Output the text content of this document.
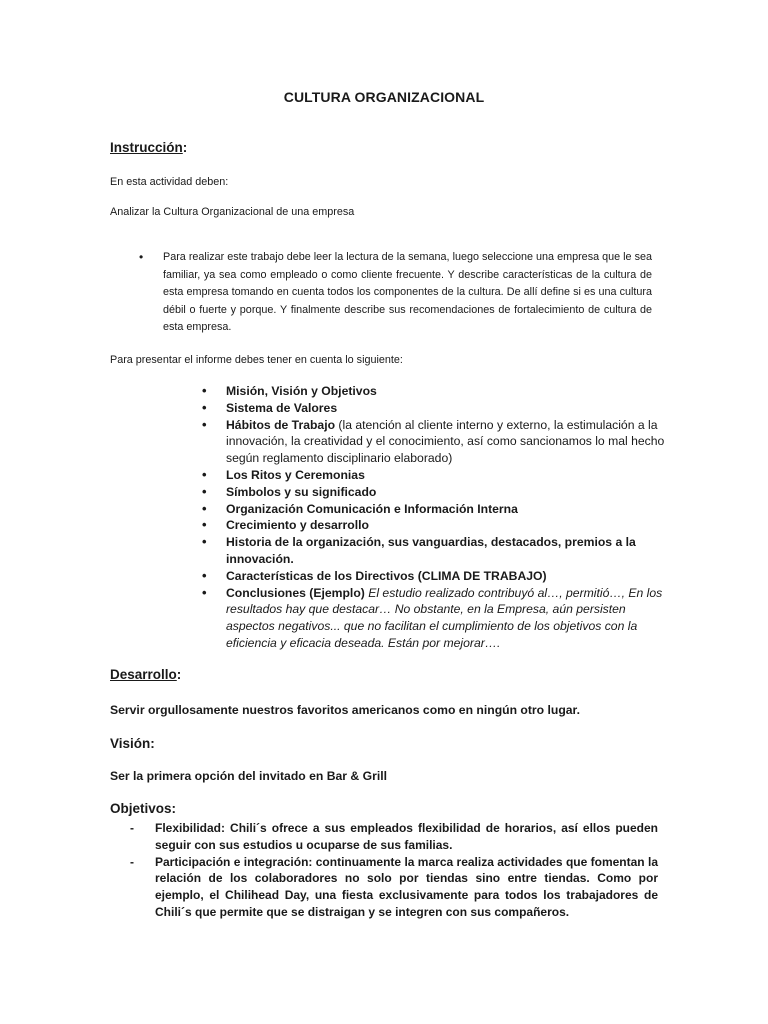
CULTURA ORGANIZACIONAL
Instrucción:
En esta actividad deben:
Analizar la Cultura Organizacional de una empresa
• Para realizar este trabajo debe leer la lectura de la semana, luego seleccione una empresa que le sea familiar, ya sea como empleado o como cliente frecuente. Y describe características de la cultura de esta empresa tomando en cuenta todos los componentes de la cultura. De allí define si es una cultura débil o fuerte y porque. Y finalmente describe sus recomendaciones de fortalecimiento de cultura de esta empresa.

Para presentar el informe debes tener en cuenta lo siguiente:
• Misión, Visión y Objetivos
• Sistema de Valores
• Hábitos de Trabajo (la atención al cliente interno y externo, la estimulación a la innovación, la creatividad y el conocimiento, así como sancionamos lo mal hecho según reglamento disciplinario elaborado)
• Los Ritos y Ceremonias
• Símbolos y su significado
• Organización Comunicación e Información Interna
• Crecimiento y desarrollo
• Historia de la organización, sus vanguardias, destacados, premios a la innovación.
• Características de los Directivos (CLIMA DE TRABAJO)
• Conclusiones (Ejemplo) El estudio realizado contribuyó al…, permitió…, En los resultados hay que destacar… No obstante, en la Empresa, aún persisten aspectos negativos... que no facilitan el cumplimiento de los objetivos con la eficiencia y eficacia deseada. Están por mejorar….
Desarrollo:
Servir orgullosamente nuestros favoritos americanos como en ningún otro lugar.
Visión:
Ser la primera opción del invitado en Bar & Grill
Objetivos:
- Flexibilidad: Chili´s ofrece a sus empleados flexibilidad de horarios, así ellos pueden seguir con sus estudios u ocuparse de sus familias.
- Participación e integración: continuamente la marca realiza actividades que fomentan la relación de los colaboradores no solo por tiendas sino entre tiendas. Como por ejemplo, el Chilihead Day, una fiesta exclusivamente para todos los trabajadores de Chili´s que permite que se distraigan y se integren con sus compañeros.
